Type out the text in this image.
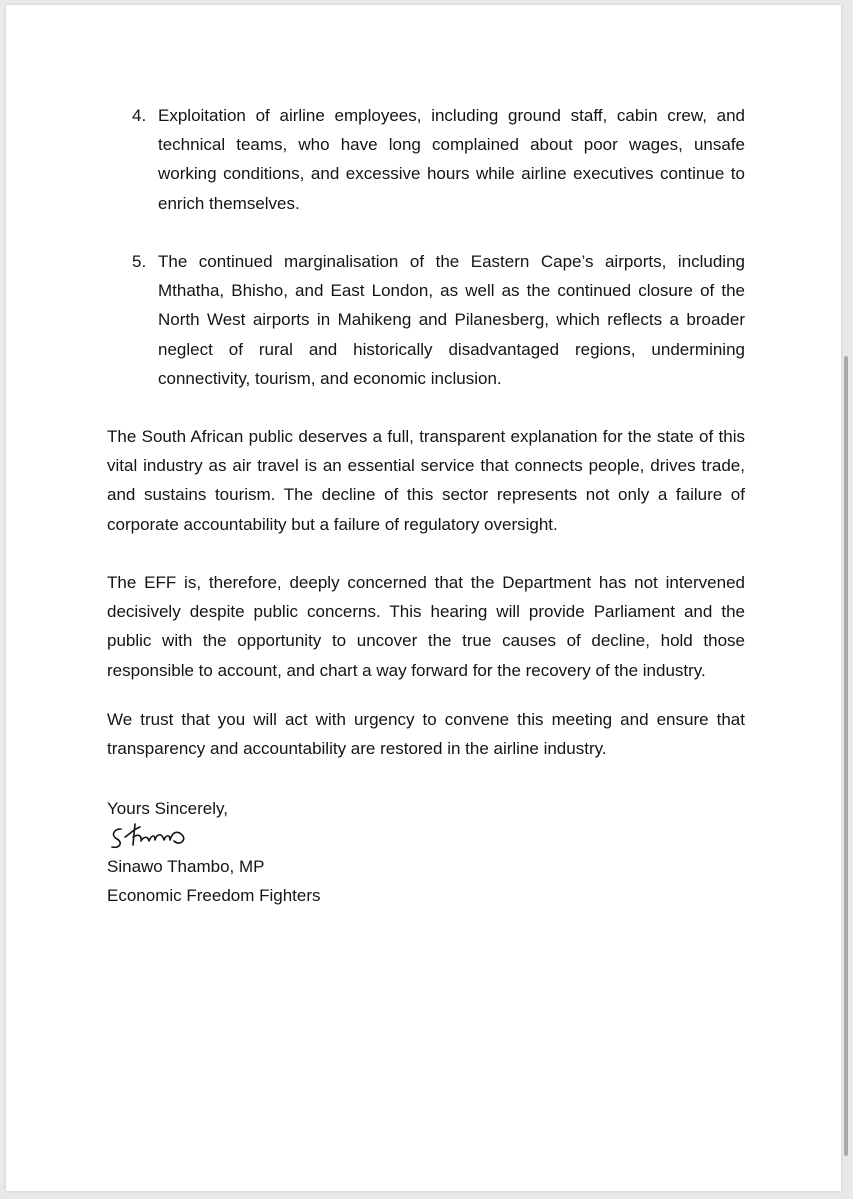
4. Exploitation of airline employees, including ground staff, cabin crew, and technical teams, who have long complained about poor wages, unsafe working conditions, and excessive hours while airline executives continue to enrich themselves.
5. The continued marginalisation of the Eastern Cape’s airports, including Mthatha, Bhisho, and East London, as well as the continued closure of the North West airports in Mahikeng and Pilanesberg, which reflects a broader neglect of rural and historically disadvantaged regions, undermining connectivity, tourism, and economic inclusion.

The South African public deserves a full, transparent explanation for the state of this vital industry as air travel is an essential service that connects people, drives trade, and sustains tourism. The decline of this sector represents not only a failure of corporate accountability but a failure of regulatory oversight.

The EFF is, therefore, deeply concerned that the Department has not intervened decisively despite public concerns. This hearing will provide Parliament and the public with the opportunity to uncover the true causes of decline, hold those responsible to account, and chart a way forward for the recovery of the industry.

We trust that you will act with urgency to convene this meeting and ensure that transparency and accountability are restored in the airline industry.

Yours Sincerely,
Sinawo Thambo, MP
Economic Freedom Fighters
